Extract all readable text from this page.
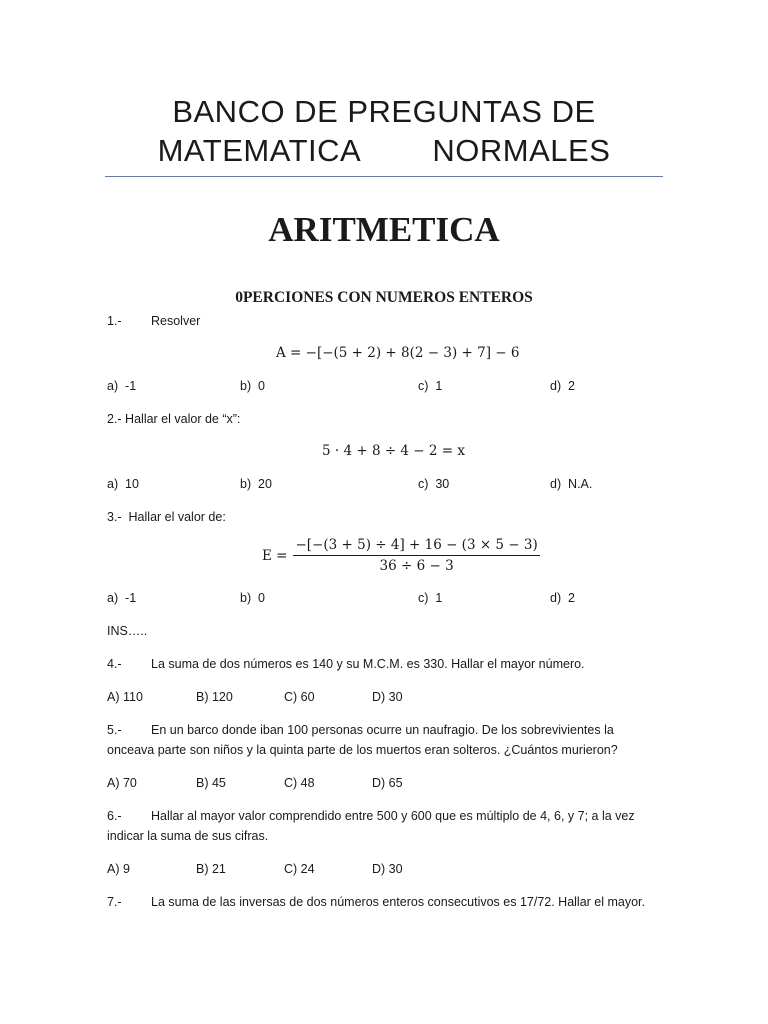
BANCO DE PREGUNTAS DE
MATEMATICA        NORMALES
ARITMETICA
0PERCIONES CON NUMEROS ENTEROS
1.- Resolver
A = −[−(5 + 2) + 8(2 − 3) + 7] − 6
a)  -1	b)  0	c)  1	d)  2
2.- Hallar el valor de “x”:
5 · 4 + 8 ÷ 4 − 2 = x
a)  10	b)  20	c)  30	d)  N.A.
3.-  Hallar el valor de:
$E = \frac{-[-(3 + 5) \div 4] + 16 - (3 \times 5 - 3)}{36 \div 6 - 3}$
a)  -1	b)  0	c)  1	d)  2
INS…..
4.- La suma de dos números es 140 y su M.C.M. es 330. Hallar el mayor número.
A) 110	B) 120	C) 60	D) 30
5.- En un barco donde iban 100 personas ocurre un naufragio. De los sobrevivientes la onceava parte son niños y la quinta parte de los muertos eran solteros. ¿Cuántos murieron?
A) 70	B) 45	C) 48	D) 65
6.- Hallar al mayor valor comprendido entre 500 y 600 que es múltiplo de 4, 6, y 7; a la vez indicar la suma de sus cifras.
A) 9	B) 21	C) 24	D) 30
7.- La suma de las inversas de dos números enteros consecutivos es 17/72. Hallar el mayor.
